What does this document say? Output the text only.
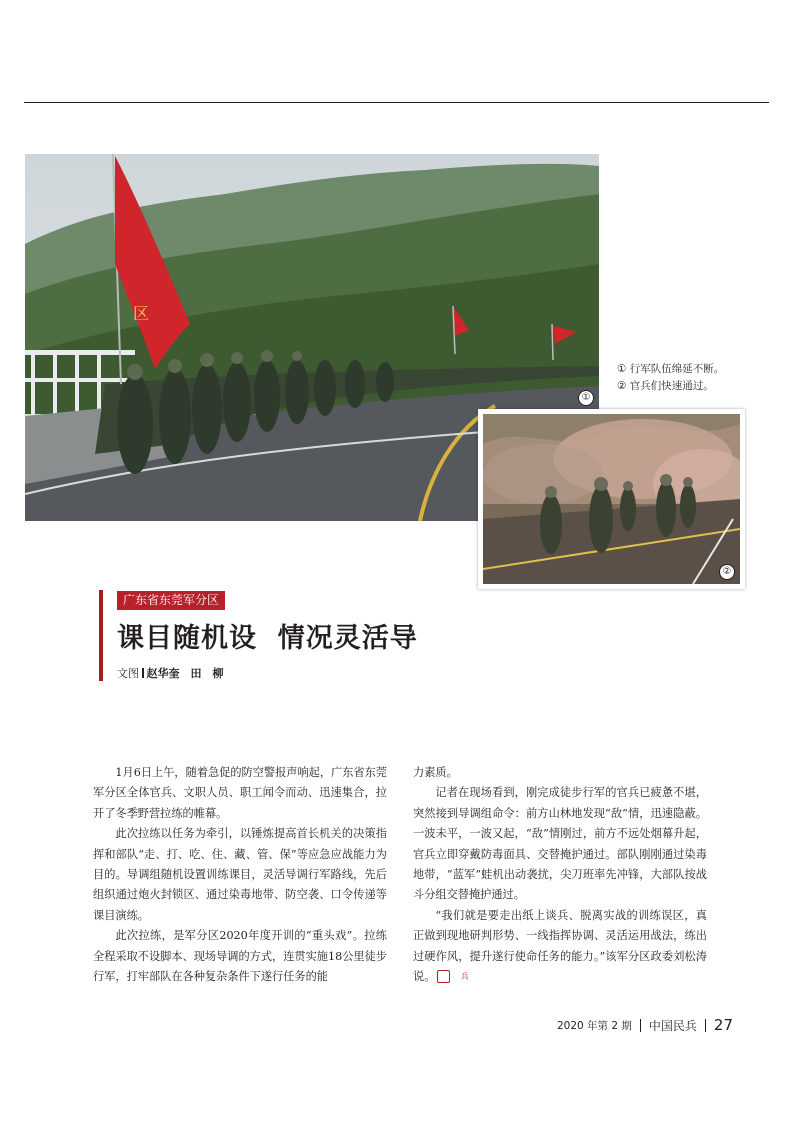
区
①
②
① 行军队伍绵延不断。
② 官兵们快速通过。
广东省东莞军分区
课目随机设  情况灵活导
文图 赵华奎　田　柳

1月6日上午，随着急促的防空警报声响起，广东省东莞军分区全体官兵、文职人员、职工闻令而动、迅速集合，拉开了冬季野营拉练的帷幕。

此次拉练以任务为牵引，以锤炼提高首长机关的决策指挥和部队“走、打、吃、住、藏、管、保”等应急应战能力为目的。导调组随机设置训练课目，灵活导调行军路线，先后组织通过炮火封锁区、通过染毒地带、防空袭、口令传递等课目演练。

此次拉练，是军分区2020年度开训的“重头戏”。拉练全程采取不设脚本、现场导调的方式，连贯实施18公里徒步行军，打牢部队在各种复杂条件下遂行任务的能

力素质。

记者在现场看到，刚完成徒步行军的官兵已疲惫不堪，突然接到导调组命令：前方山林地发现“敌”情，迅速隐蔽。一波未平，一波又起，“敌”情刚过，前方不远处烟幕升起，官兵立即穿戴防毒面具、交替掩护通过。部队刚刚通过染毒地带，“蓝军”蛙机出动袭扰，尖刀班率先冲锋，大部队按战斗分组交替掩护通过。

“我们就是要走出纸上谈兵、脱离实战的训练误区，真正做到现地研判形势、一线指挥协调、灵活运用战法，练出过硬作风，提升遂行使命任务的能力。”该军分区政委刘松涛说。	兵

2020 年第 2 期 中国民兵 27
